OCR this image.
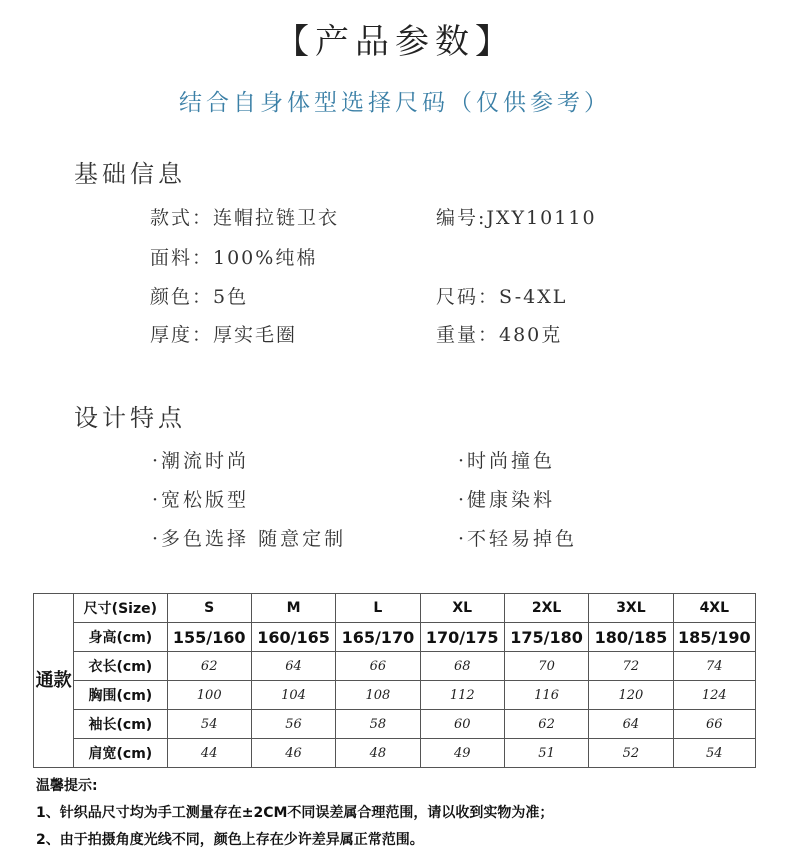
【产品参数】
结合自身体型选择尺码（仅供参考）
基础信息
款式：连帽拉链卫衣	编号:JXY10110
面料：100%纯棉
颜色：5色	尺码：S-4XL
厚度：厚实毛圈	重量：480克
设计特点
·潮流时尚	·时尚撞色
·宽松版型	·健康染料
·多色选择 随意定制	·不轻易掉色
通款	尺寸(Size)	S	M	L	XL	2XL	3XL	4XL
	身高(cm)	155/160	160/165	165/170	170/175	175/180	180/185	185/190
	衣长(cm)	62	64	66	68	70	72	74
	胸围(cm)	100	104	108	112	116	120	124
	袖长(cm)	54	56	58	60	62	64	66
	肩宽(cm)	44	46	48	49	51	52	54
温馨提示:
1、针织品尺寸均为手工测量存在±2CM不同误差属合理范围，请以收到实物为准；
2、由于拍摄角度光线不同，颜色上存在少许差异属正常范围。
